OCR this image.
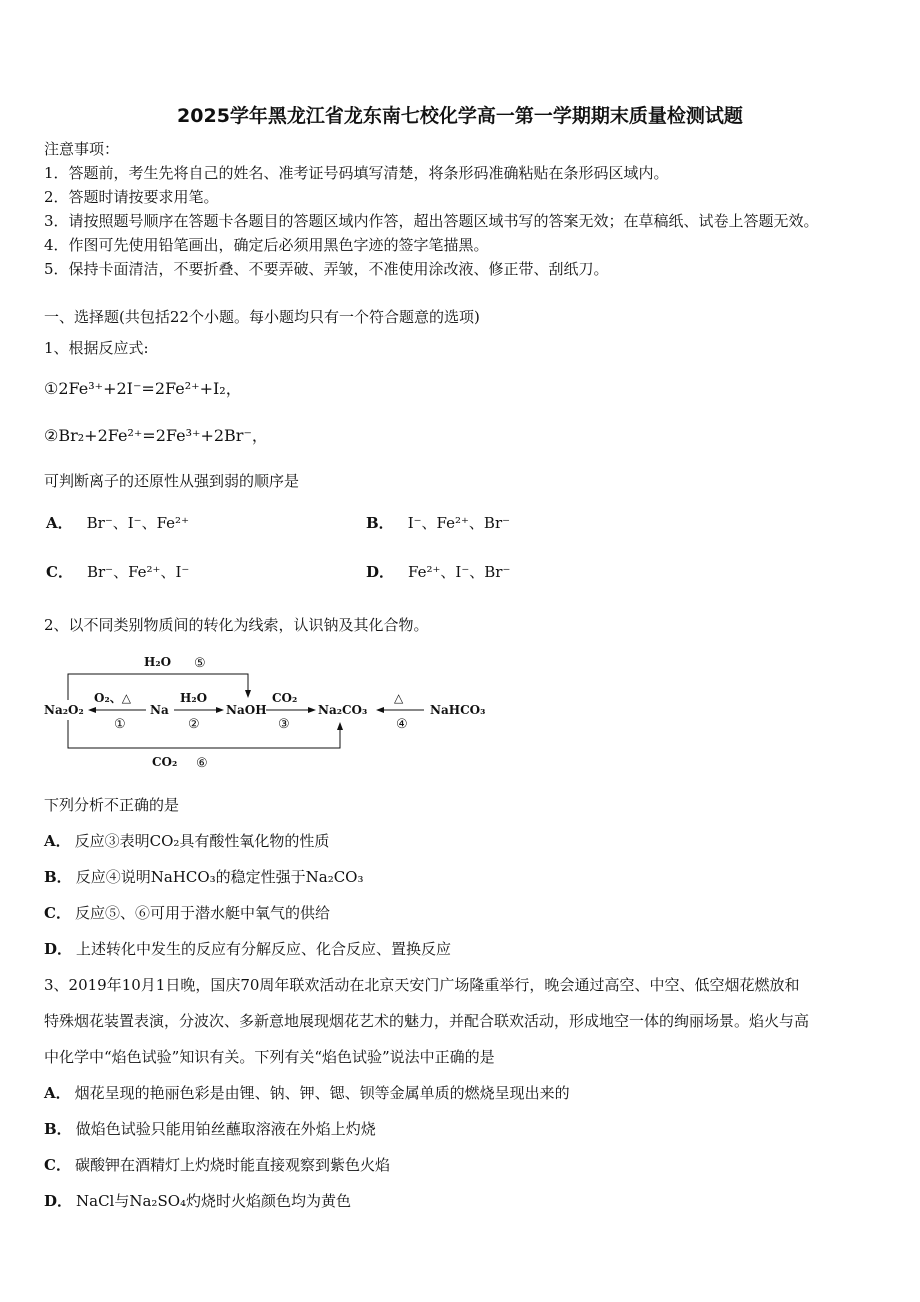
2025学年黑龙江省龙东南七校化学高一第一学期期末质量检测试题
注意事项：
1．答题前，考生先将自己的姓名、准考证号码填写清楚，将条形码准确粘贴在条形码区域内。
2．答题时请按要求用笔。
3．请按照题号顺序在答题卡各题目的答题区域内作答，超出答题区域书写的答案无效；在草稿纸、试卷上答题无效。
4．作图可先使用铅笔画出，确定后必须用黑色字迹的签字笔描黑。
5．保持卡面清洁，不要折叠、不要弄破、弄皱，不准使用涂改液、修正带、刮纸刀。
一、选择题(共包括22个小题。每小题均只有一个符合题意的选项)
1、根据反应式:
①2Fe³⁺+2I⁻=2Fe²⁺+I₂，
②Br₂+2Fe²⁺=2Fe³⁺+2Br⁻，
可判断离子的还原性从强到弱的顺序是
A． Br⁻、I⁻、Fe²⁺	B． I⁻、Fe²⁺、Br⁻
C． Br⁻、Fe²⁺、I⁻	D． Fe²⁺、I⁻、Br⁻
2、以不同类别物质间的转化为线索，认识钠及其化合物。
Na₂O₂	Na	NaOH	Na₂CO₃	NaHCO₃
O₂、△
①
H₂O
②
CO₂
③
△
④
H₂O ⑤
CO₂ ⑥
下列分析不正确的是
A． 反应③表明CO₂具有酸性氧化物的性质
B． 反应④说明NaHCO₃的稳定性强于Na₂CO₃
C． 反应⑤、⑥可用于潜水艇中氧气的供给
D． 上述转化中发生的反应有分解反应、化合反应、置换反应
3、2019年10月1日晚，国庆70周年联欢活动在北京天安门广场隆重举行，晚会通过高空、中空、低空烟花燃放和
特殊烟花装置表演，分波次、多新意地展现烟花艺术的魅力，并配合联欢活动，形成地空一体的绚丽场景。焰火与高
中化学中“焰色试验”知识有关。下列有关“焰色试验”说法中正确的是
A． 烟花呈现的艳丽色彩是由锂、钠、钾、锶、钡等金属单质的燃烧呈现出来的
B． 做焰色试验只能用铂丝蘸取溶液在外焰上灼烧
C． 碳酸钾在酒精灯上灼烧时能直接观察到紫色火焰
D． NaCl与Na₂SO₄灼烧时火焰颜色均为黄色
